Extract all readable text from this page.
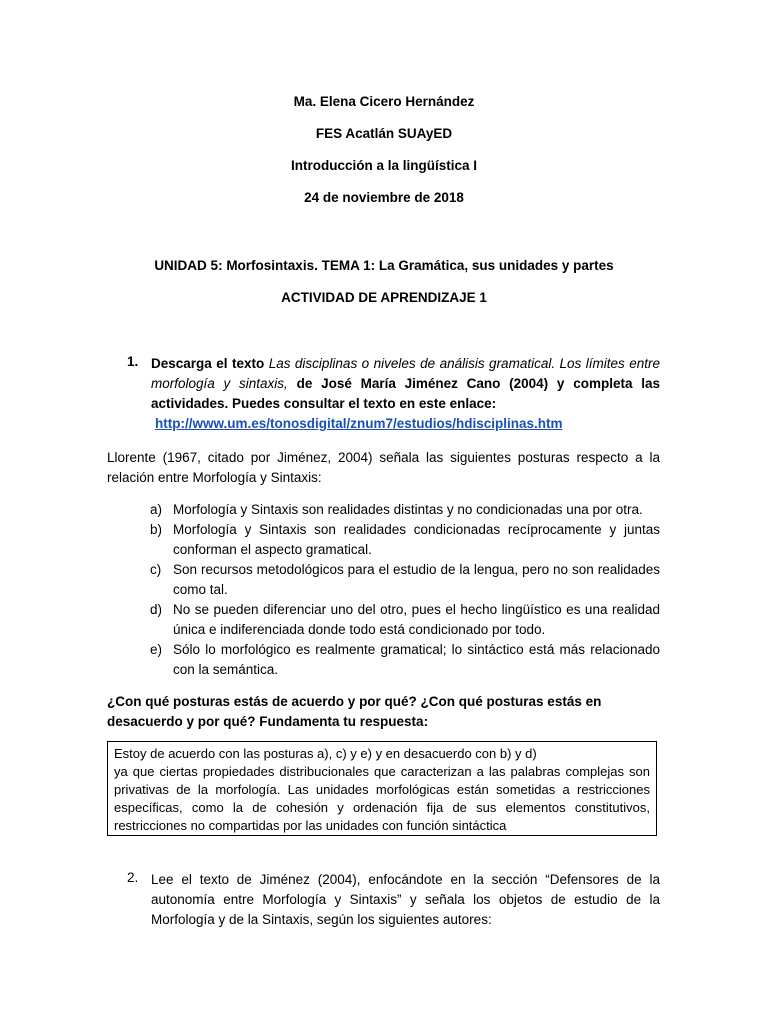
Ma. Elena Cicero Hernández
FES Acatlán SUAyED
Introducción a la lingüística I
24 de noviembre de 2018
UNIDAD 5: Morfosintaxis. TEMA 1: La Gramática, sus unidades y partes
ACTIVIDAD DE APRENDIZAJE 1
1. Descarga el texto Las disciplinas o niveles de análisis gramatical. Los límites entre morfología y sintaxis, de José María Jiménez Cano (2004) y completa las actividades. Puedes consultar el texto en este enlace:
http://www.um.es/tonosdigital/znum7/estudios/hdisciplinas.htm
Llorente (1967, citado por Jiménez, 2004) señala las siguientes posturas respecto a la relación entre Morfología y Sintaxis:
a) Morfología y Sintaxis son realidades distintas y no condicionadas una por otra.
b) Morfología y Sintaxis son realidades condicionadas recíprocamente y juntas conforman el aspecto gramatical.
c) Son recursos metodológicos para el estudio de la lengua, pero no son realidades como tal.
d) No se pueden diferenciar uno del otro, pues el hecho lingüístico es una realidad única e indiferenciada donde todo está condicionado por todo.
e) Sólo lo morfológico es realmente gramatical; lo sintáctico está más relacionado con la semántica.
¿Con qué posturas estás de acuerdo y por qué? ¿Con qué posturas estás en desacuerdo y por qué? Fundamenta tu respuesta:
Estoy de acuerdo con las posturas a), c) y e) y en desacuerdo con b) y d)
ya que ciertas propiedades distribucionales que caracterizan a las palabras complejas son privativas de la morfología. Las unidades morfológicas están sometidas a restricciones específicas, como la de cohesión y ordenación fija de sus elementos constitutivos, restricciones no compartidas por las unidades con función sintáctica
2. Lee el texto de Jiménez (2004), enfocándote en la sección “Defensores de la autonomía entre Morfología y Sintaxis” y señala los objetos de estudio de la Morfología y de la Sintaxis, según los siguientes autores:
